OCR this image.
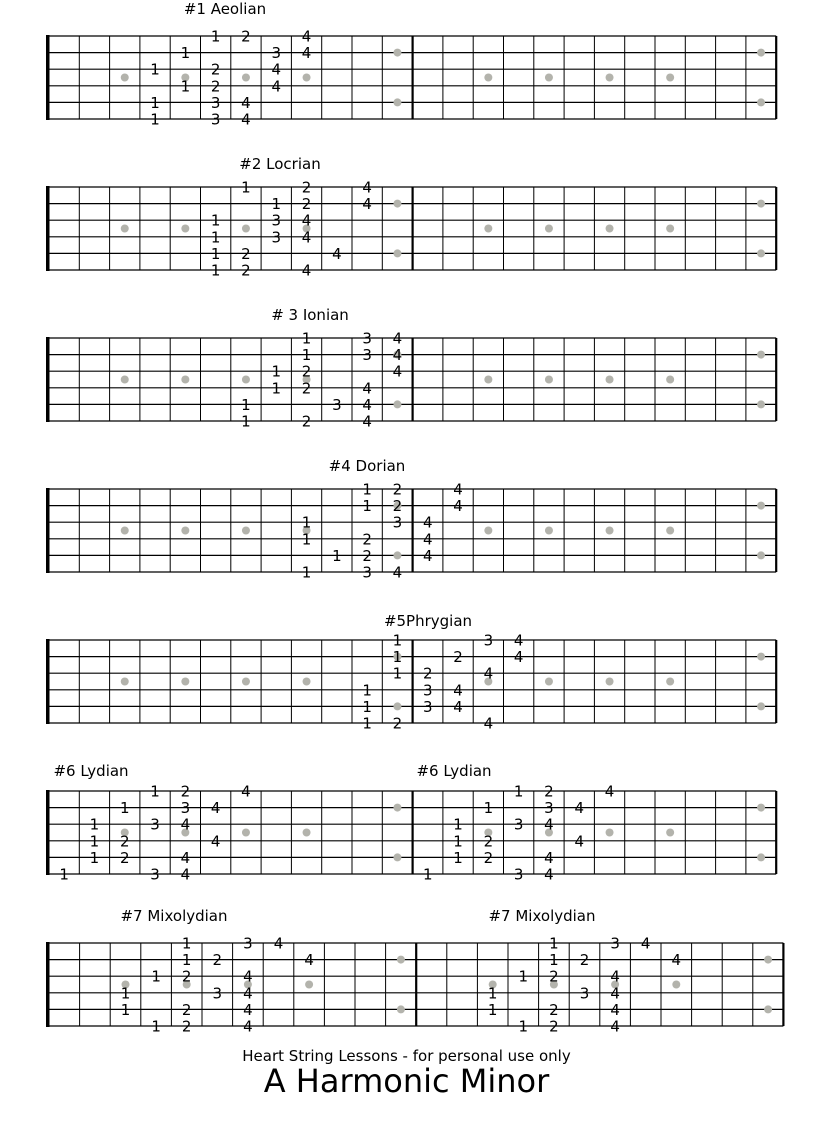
#1 Aeolian
1 2	4
1	3 4
1	2	4
1 2	4
1	3 4
1	3 4
#2 Locrian
1	2	4
1 2	4
1	3 4
1	3 4
1 2	4
1 2	4
# 3 Ionian
1	3 4
1	3 4
1 2	4
1 2	4
1	3 4
1	2	4
#4 Dorian
1 2	4
1 2	4
1	3 4
1	2	4
1 2	4
1	3 4
#5Phrygian
1	3 4
1	2	4
1 2	4
1	3 4
1	3 4
1 2	4
#6 Lydian	#6 Lydian
1 2	4
1	3 4
1	3 4
1 2	4
1 2	4
1	3 4
1 2	4
1	3 4
1	3 4
1 2	4
1 2	4
1	3 4
#7 Mixolydian	#7 Mixolydian
1	3 4
1 2	4
1 2	4
1	3 4
1	2	4
1 2	4
1	3 4
1 2	4
1 2	4
1	3 4
1	2	4
1 2	4
Heart String Lessons - for personal use only
A Harmonic Minor
